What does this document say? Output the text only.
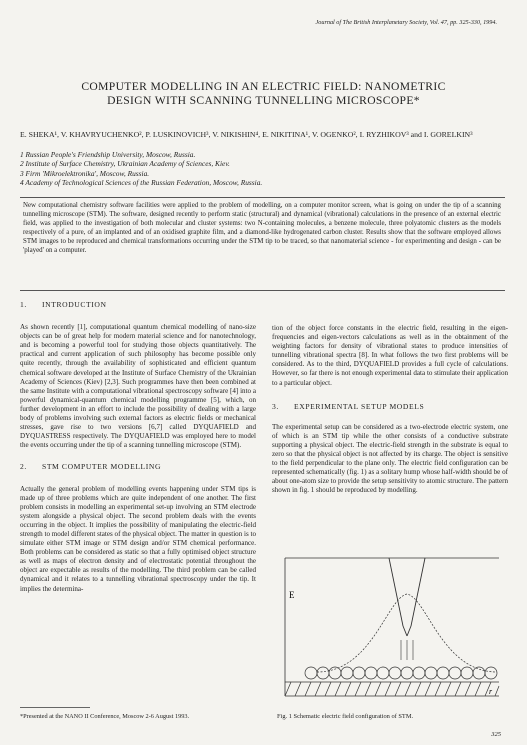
Journal of The British Interplanetary Society, Vol. 47, pp. 325-330, 1994.
COMPUTER MODELLING IN AN ELECTRIC FIELD: NANOMETRIC
DESIGN WITH SCANNING TUNNELLING MICROSCOPE*
E. SHEKA¹, V. KHAVRYUCHENKO², P. LUSKINOVICH³, V. NIKISHIN⁴, E. NIKITINA¹, V. OGENKO², I. RYZHIKOV³ and I. GORELKIN³
1 Russian People's Friendship University, Moscow, Russia.
2 Institute of Surface Chemistry, Ukrainian Academy of Sciences, Kiev.
3 Firm 'Mikroelektronika', Moscow, Russia.
4 Academy of Technological Sciences of the Russian Federation, Moscow, Russia.
New computational chemistry software facilities were applied to the problem of modelling, on a computer monitor screen, what is going on under the tip of a scanning tunnelling microscope (STM). The software, designed recently to perform static (structural) and dynamical (vibrational) calculations in the presence of an external electric field, was applied to the investigation of both molecular and cluster systems: two N-containing molecules, a benzene molecule, three polyatomic clusters as the models respectively of a pure, of an implanted and of an oxidised graphite film, and a diamond-like hydrogenated carbon cluster. Results show that the software employed allows STM images to be reproduced and chemical transformations occurring under the STM tip to be traced, so that nanomaterial science - for experimenting and design - can be 'played' on a computer.
1. INTRODUCTION

As shown recently [1], computational quantum chemical modelling of nano-size objects can be of great help for modern material science and for nanotechnology, and is becoming a powerful tool for studying those objects quantitatively. The practical and current application of such philosophy has become possible only quite recently, through the availability of sophisticated and efficient quantum chemical software developed at the Institute of Surface Chemistry of the Ukrainian Academy of Sciences (Kiev) [2,3]. Such programmes have then been combined at the same Institute with a computational vibrational spectroscopy software [4] into a powerful dynamical-quantum chemical modelling programme [5], which, on further development in an effort to include the possibility of dealing with a large body of problems involving such external factors as electric fields or mechanical stresses, gave rise to two versions [6,7] called DYQUAFIELD and DYQUASTRESS respectively. The DYQUAFIELD was employed here to model the events occurring under the tip of a scanning tunnelling microscope (STM).

2. STM COMPUTER MODELLING

Actually the general problem of modelling events happening under STM tips is made up of three problems which are quite independent of one another. The first problem consists in modelling an experimental set-up involving an STM electrode system alongside a physical object. The second problem deals with the events occurring in the object. It implies the possibility of manipulating the electric-field strength to model different states of the physical object. The matter in question is to simulate either STM image or STM design and/or STM chemical performance. Both problems can be considered as static so that a fully optimised object structure as well as maps of electron density and of electrostatic potential throughout the object are expectable as results of the modelling. The third problem can be called dynamical and it relates to a tunnelling vibrational spectroscopy under the tip. It implies the determina-

tion of the object force constants in the electric field, resulting in the eigen-frequencies and eigen-vectors calculations as well as in the obtainment of the weighting factors for density of vibrational states to produce intensities of tunnelling vibrational spectra [8]. In what follows the two first problems will be considered. As to the third, DYQUAFIELD provides a full cycle of calculations. However, so far there is not enough experimental data to stimulate their application to a particular object.

3. EXPERIMENTAL SETUP MODELS

The experimental setup can be considered as a two-electrode electric system, one of which is an STM tip while the other consists of a conductive substrate supporting a physical object. The electric-field strength in the substrate is equal to zero so that the physical object is not affected by its charge. The object is sensitive to the field perpendicular to the plane only. The electric field configuration can be represented schematically (fig. 1) as a solitary hump whose half-width should be of about one-atom size to provide the setup sensitivity to atomic structure. The pattern shown in fig. 1 should be reproduced by modelling.

E
r
*Presented at the NANO II Conference, Moscow 2-6 August 1993.	Fig. 1 Schematic electric field configuration of STM.
325
